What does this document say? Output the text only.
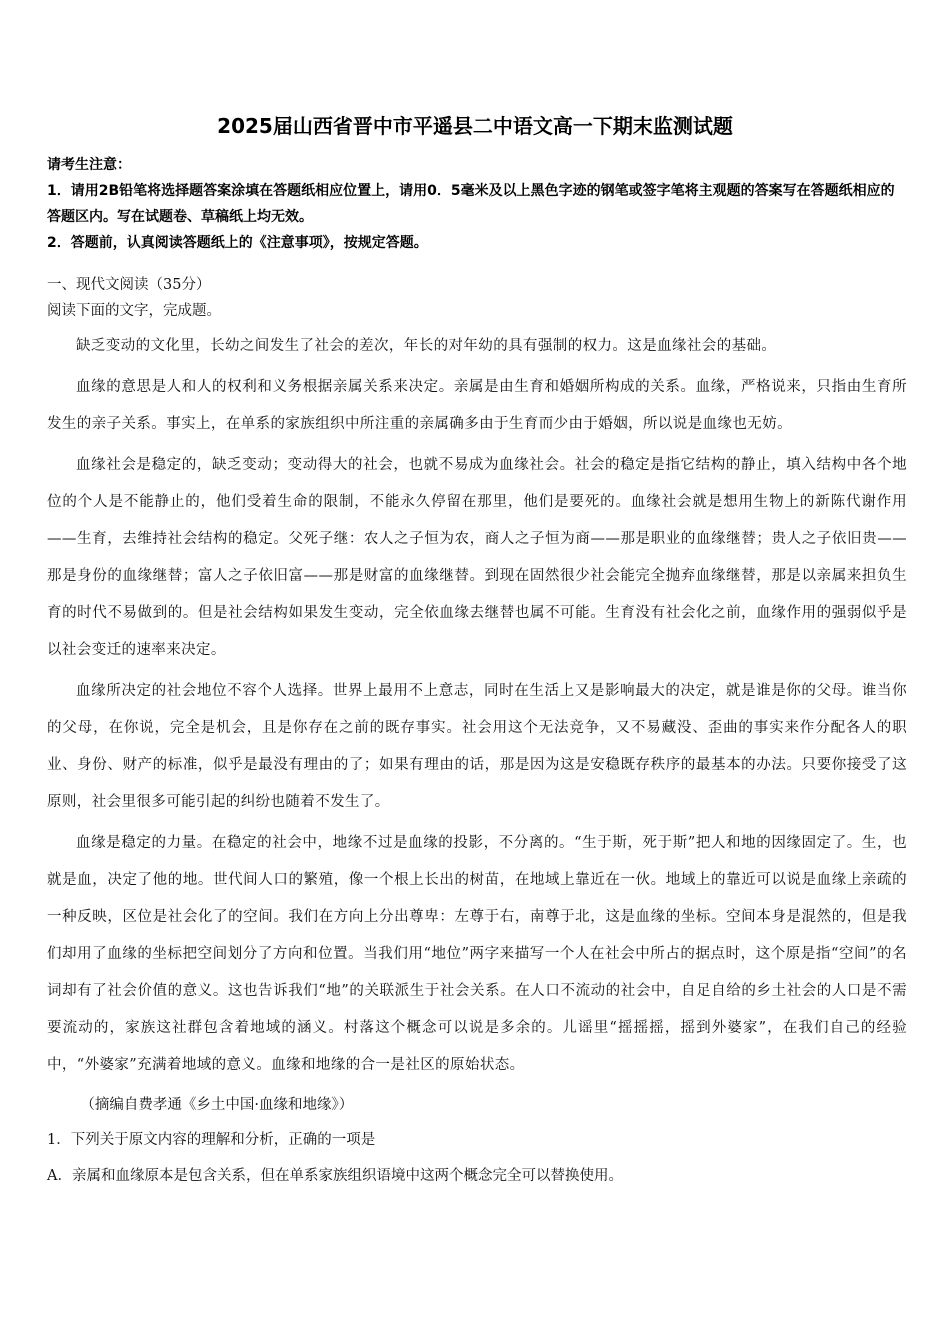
2025届山西省晋中市平遥县二中语文高一下期末监测试题

请考生注意：

1．请用2B铅笔将选择题答案涂填在答题纸相应位置上，请用0．5毫米及以上黑色字迹的钢笔或签字笔将主观题的答案写在答题纸相应的答题区内。写在试题卷、草稿纸上均无效。

2．答题前，认真阅读答题纸上的《注意事项》，按规定答题。

一、现代文阅读（35分）

阅读下面的文字，完成题。

缺乏变动的文化里，长幼之间发生了社会的差次，年长的对年幼的具有强制的权力。这是血缘社会的基础。

血缘的意思是人和人的权利和义务根据亲属关系来决定。亲属是由生育和婚姻所构成的关系。血缘，严格说来，只指由生育所发生的亲子关系。事实上，在单系的家族组织中所注重的亲属确多由于生育而少由于婚姻，所以说是血缘也无妨。

血缘社会是稳定的，缺乏变动；变动得大的社会，也就不易成为血缘社会。社会的稳定是指它结构的静止，填入结构中各个地位的个人是不能静止的，他们受着生命的限制，不能永久停留在那里，他们是要死的。血缘社会就是想用生物上的新陈代谢作用——生育，去维持社会结构的稳定。父死子继：农人之子恒为农，商人之子恒为商——那是职业的血缘继替；贵人之子依旧贵——那是身份的血缘继替；富人之子依旧富——那是财富的血缘继替。到现在固然很少社会能完全抛弃血缘继替，那是以亲属来担负生育的时代不易做到的。但是社会结构如果发生变动，完全依血缘去继替也属不可能。生育没有社会化之前，血缘作用的强弱似乎是以社会变迁的速率来决定。

血缘所决定的社会地位不容个人选择。世界上最用不上意志，同时在生活上又是影响最大的决定，就是谁是你的父母。谁当你的父母，在你说，完全是机会，且是你存在之前的既存事实。社会用这个无法竞争，又不易藏没、歪曲的事实来作分配各人的职业、身份、财产的标准，似乎是最没有理由的了；如果有理由的话，那是因为这是安稳既存秩序的最基本的办法。只要你接受了这原则，社会里很多可能引起的纠纷也随着不发生了。

血缘是稳定的力量。在稳定的社会中，地缘不过是血缘的投影，不分离的。“生于斯，死于斯”把人和地的因缘固定了。生，也就是血，决定了他的地。世代间人口的繁殖，像一个根上长出的树苗，在地域上靠近在一伙。地域上的靠近可以说是血缘上亲疏的一种反映，区位是社会化了的空间。我们在方向上分出尊卑：左尊于右，南尊于北，这是血缘的坐标。空间本身是混然的，但是我们却用了血缘的坐标把空间划分了方向和位置。当我们用“地位”两字来描写一个人在社会中所占的据点时，这个原是指“空间”的名词却有了社会价值的意义。这也告诉我们“地”的关联派生于社会关系。在人口不流动的社会中，自足自给的乡土社会的人口是不需要流动的，家族这社群包含着地域的涵义。村落这个概念可以说是多余的。儿谣里“摇摇摇，摇到外婆家”，在我们自己的经验中，“外婆家”充满着地域的意义。血缘和地缘的合一是社区的原始状态。

（摘编自费孝通《乡土中国·血缘和地缘》）

1．下列关于原文内容的理解和分析，正确的一项是

A．亲属和血缘原本是包含关系，但在单系家族组织语境中这两个概念完全可以替换使用。
